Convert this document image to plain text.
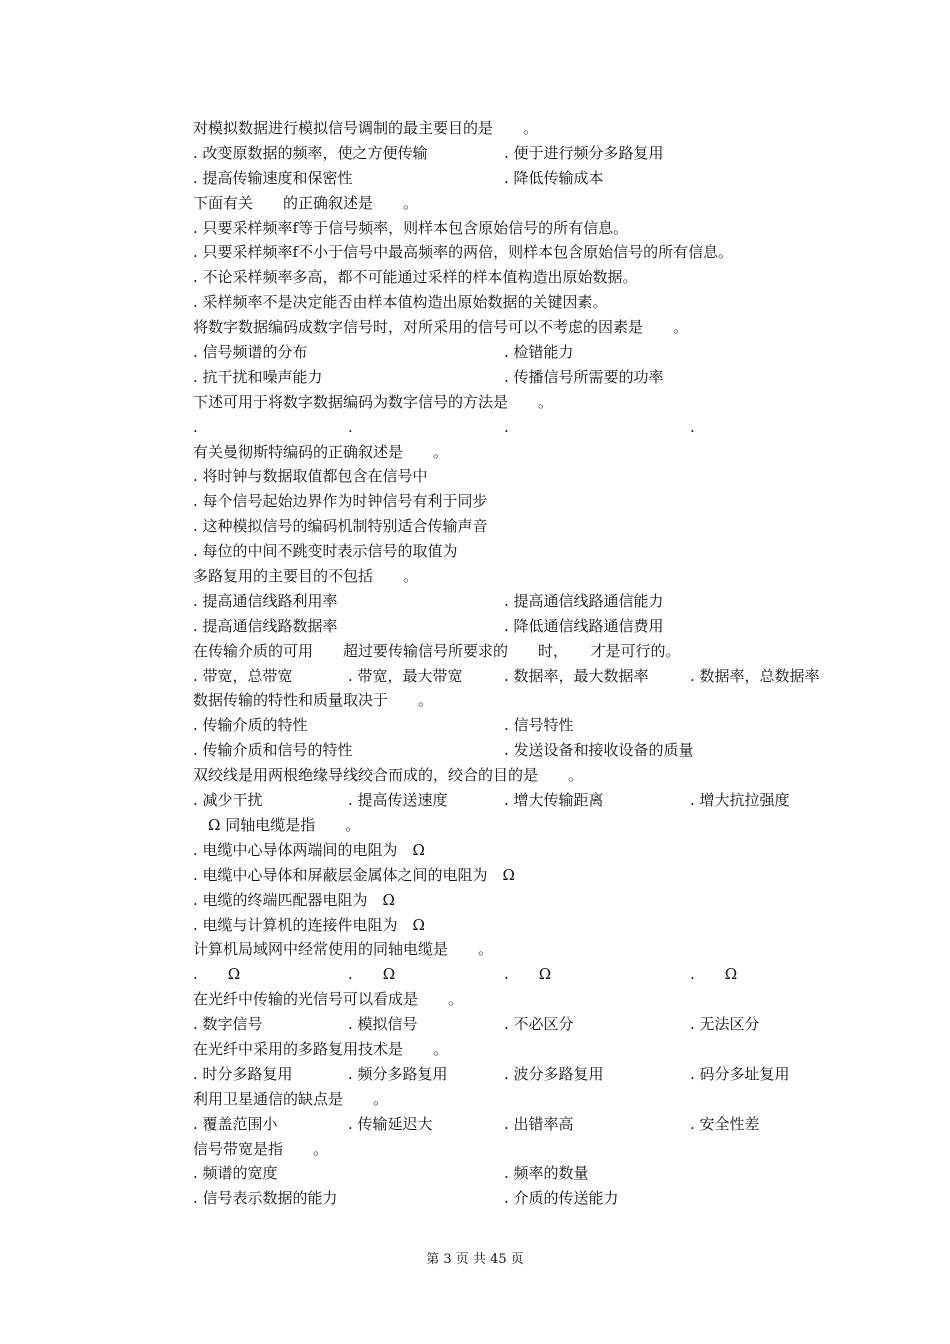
对模拟数据进行模拟信号调制的最主要目的是　　。
. 改变原数据的频率，使之方便传输	. 便于进行频分多路复用
. 提高传输速度和保密性	. 降低传输成本
下面有关　　的正确叙述是　　。
. 只要采样频率f等于信号频率，则样本包含原始信号的所有信息。
. 只要采样频率f不小于信号中最高频率的两倍，则样本包含原始信号的所有信息。
. 不论采样频率多高，都不可能通过采样的样本值构造出原始数据。
. 采样频率不是决定能否由样本值构造出原始数据的关键因素。
将数字数据编码成数字信号时，对所采用的信号可以不考虑的因素是　　。
. 信号频谱的分布	. 检错能力
. 抗干扰和噪声能力	. 传播信号所需要的功率
下述可用于将数字数据编码为数字信号的方法是　　。
.	.	.	.
有关曼彻斯特编码的正确叙述是　　。
. 将时钟与数据取值都包含在信号中
. 每个信号起始边界作为时钟信号有利于同步
. 这种模拟信号的编码机制特别适合传输声音
. 每位的中间不跳变时表示信号的取值为
多路复用的主要目的不包括　　。
. 提高通信线路利用率	. 提高通信线路通信能力
. 提高通信线路数据率	. 降低通信线路通信费用
在传输介质的可用　　超过要传输信号所要求的　　时，　　才是可行的。
. 带宽，总带宽	. 带宽，最大带宽	. 数据率，最大数据率	. 数据率，总数据率
数据传输的特性和质量取决于　　。
. 传输介质的特性	. 信号特性
. 传输介质和信号的特性	. 发送设备和接收设备的质量
双绞线是用两根绝缘导线绞合而成的，绞合的目的是　　。
. 减少干扰	. 提高传送速度	. 增大传输距离	. 增大抗拉强度
　Ω 同轴电缆是指　　。
. 电缆中心导体两端间的电阻为　Ω
. 电缆中心导体和屏蔽层金属体之间的电阻为　Ω
. 电缆的终端匹配器电阻为　Ω
. 电缆与计算机的连接件电阻为　Ω
计算机局域网中经常使用的同轴电缆是　　。
.　　Ω	.　　Ω	.　　Ω	.　　Ω
在光纤中传输的光信号可以看成是　　。
. 数字信号	. 模拟信号	. 不必区分	. 无法区分
在光纤中采用的多路复用技术是　　。
. 时分多路复用	. 频分多路复用	. 波分多路复用	. 码分多址复用
利用卫星通信的缺点是　　。
. 覆盖范围小	. 传输延迟大	. 出错率高	. 安全性差
信号带宽是指　　。
. 频谱的宽度	. 频率的数量
. 信号表示数据的能力	. 介质的传送能力
第 3 页 共 45 页
